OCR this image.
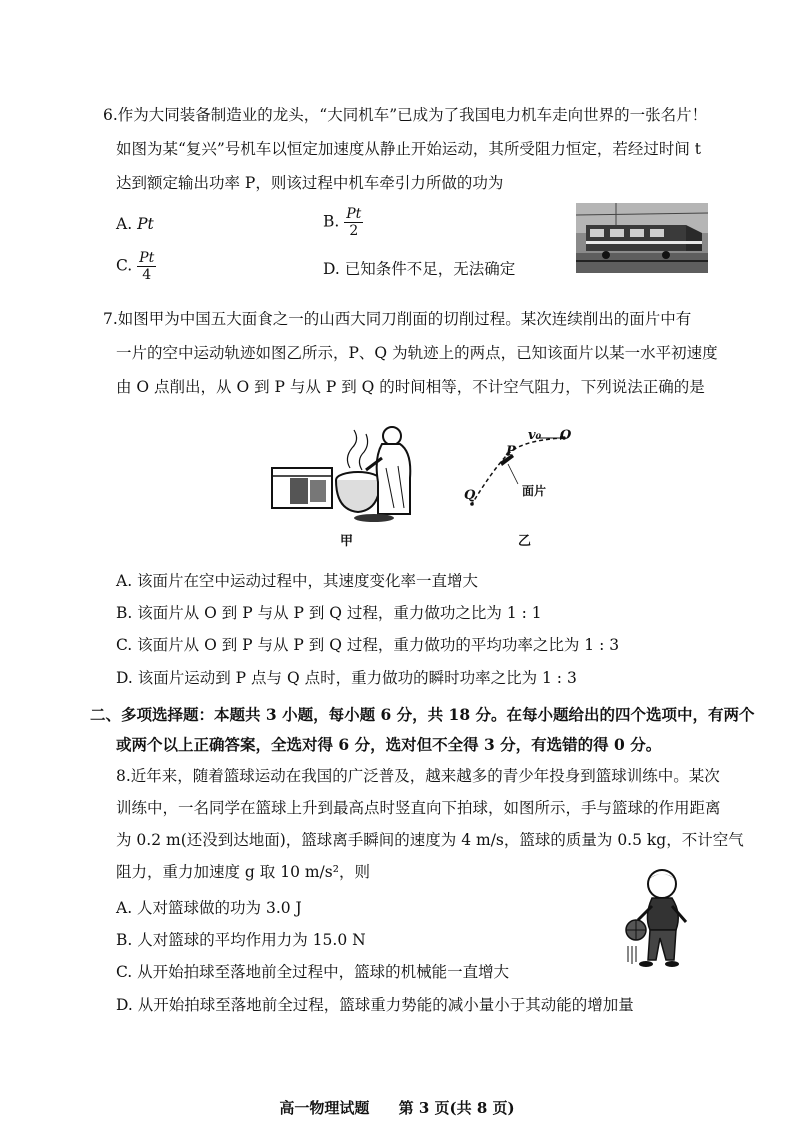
6.作为大同装备制造业的龙头，“大同机车”已成为了我国电力机车走向世界的一张名片！
如图为某“复兴”号机车以恒定加速度从静止开始运动，其所受阻力恒定，若经过时间 t
达到额定输出功率 P，则该过程中机车牵引力所做的功为
A. Pt	B. $\frac{Pt}{2}$
C. $\frac{Pt}{4}$	D. 已知条件不足，无法确定
7.如图甲为中国五大面食之一的山西大同刀削面的切削过程。某次连续削出的面片中有
一片的空中运动轨迹如图乙所示，P、Q 为轨迹上的两点，已知该面片以某一水平初速度
由 O 点削出，从 O 到 P 与从 P 到 Q 的时间相等，不计空气阻力，下列说法正确的是
甲
v₀ O
P
Q	面片
乙
A. 该面片在空中运动过程中，其速度变化率一直增大
B. 该面片从 O 到 P 与从 P 到 Q 过程，重力做功之比为 1 : 1
C. 该面片从 O 到 P 与从 P 到 Q 过程，重力做功的平均功率之比为 1 : 3
D. 该面片运动到 P 点与 Q 点时，重力做功的瞬时功率之比为 1 : 3
二、多项选择题：本题共 3 小题，每小题 6 分，共 18 分。在每小题给出的四个选项中，有两个
或两个以上正确答案，全选对得 6 分，选对但不全得 3 分，有选错的得 0 分。
8.近年来，随着篮球运动在我国的广泛普及，越来越多的青少年投身到篮球训练中。某次
训练中，一名同学在篮球上升到最高点时竖直向下拍球，如图所示，手与篮球的作用距离
为 0.2 m(还没到达地面)，篮球离手瞬间的速度为 4 m/s，篮球的质量为 0.5 kg，不计空气
阻力，重力加速度 g 取 10 m/s²，则
A. 人对篮球做的功为 3.0 J
B. 人对篮球的平均作用力为 15.0 N
C. 从开始拍球至落地前全过程中，篮球的机械能一直增大
D. 从开始拍球至落地前全过程，篮球重力势能的减小量小于其动能的增加量
高一物理试题 第 3 页(共 8 页)
